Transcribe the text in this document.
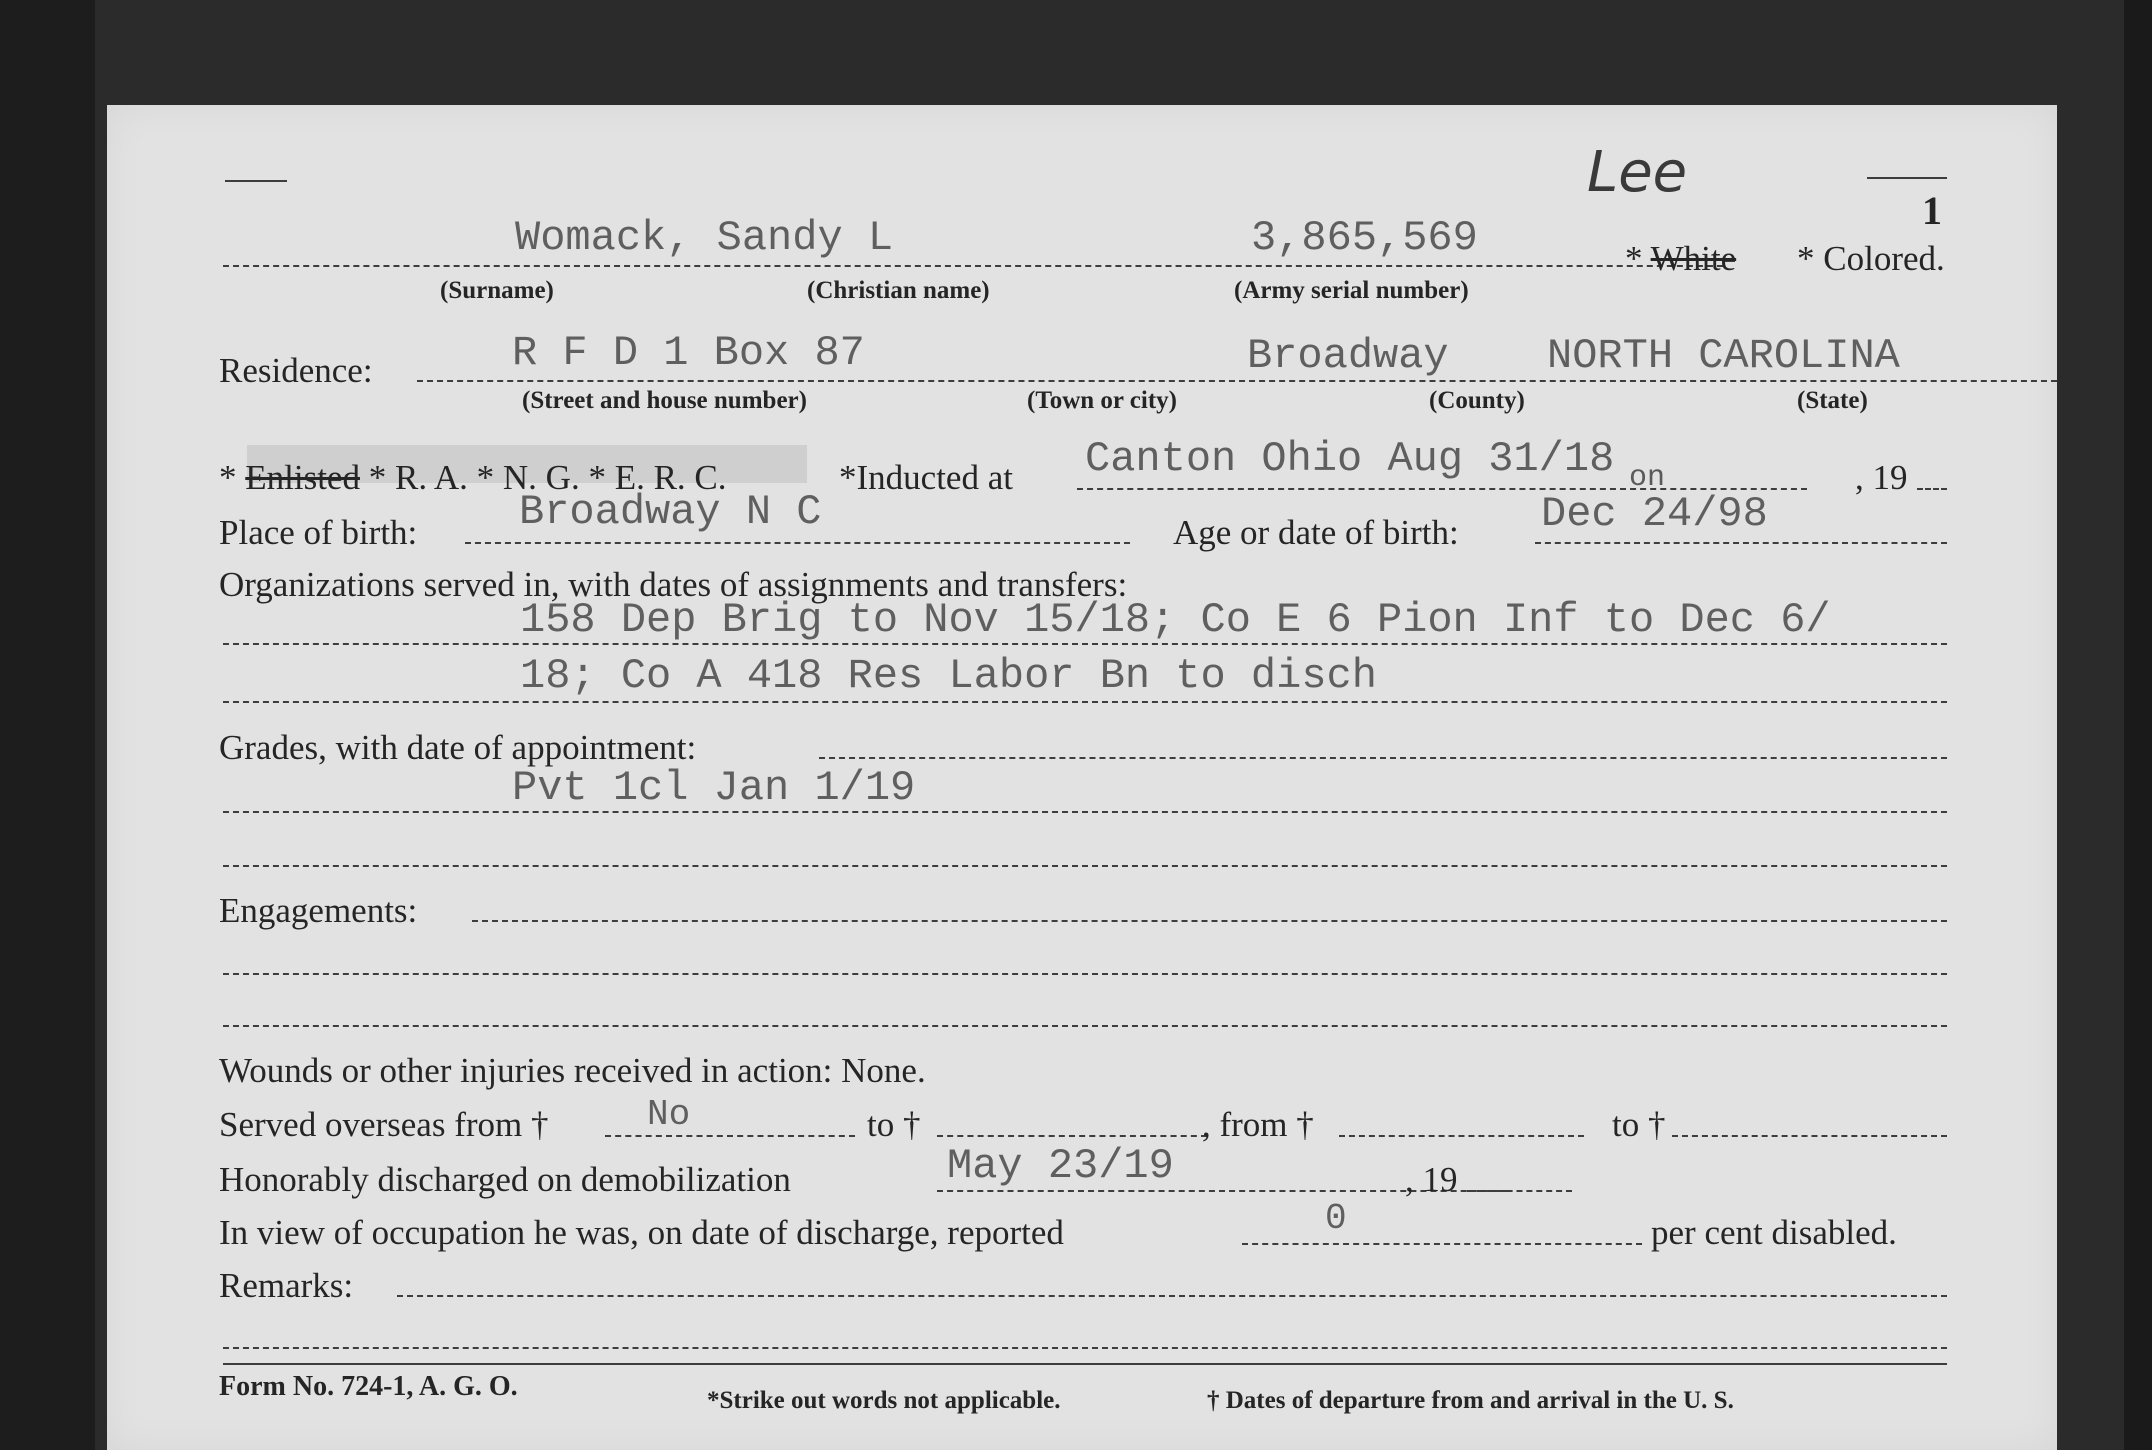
1
Lee
Womack, Sandy L	3,865,569	* White * Colored.
(Surname)	(Christian name)	(Army serial number)
Residence:	R F D 1 Box 87	Broadway NORTH CAROLINA
(Street and house number)	(Town or city)	(County)	(State)
* Enlisted * R. A. * N. G. * E. R. C.	*Inducted at Canton Ohio Aug 31/18 on	, 19
Place of birth: Broadway N C	Age or date of birth: Dec 24/98
Organizations served in, with dates of assignments and transfers:
158 Dep Brig to Nov 15/18; Co E 6 Pion Inf to Dec 6/
18; Co A 418 Res Labor Bn to disch
Grades, with date of appointment:
Pvt 1cl Jan 1/19
Engagements:
Wounds or other injuries received in action: None.
Served overseas from †	No	to †	, from †	to †
Honorably discharged on demobilization	May 23/19	, 19
In view of occupation he was, on date of discharge, reported	0	per cent disabled.
Remarks:
Form No. 724-1, A. G. O.	*Strike out words not applicable.	† Dates of departure from and arrival in the U. S.
